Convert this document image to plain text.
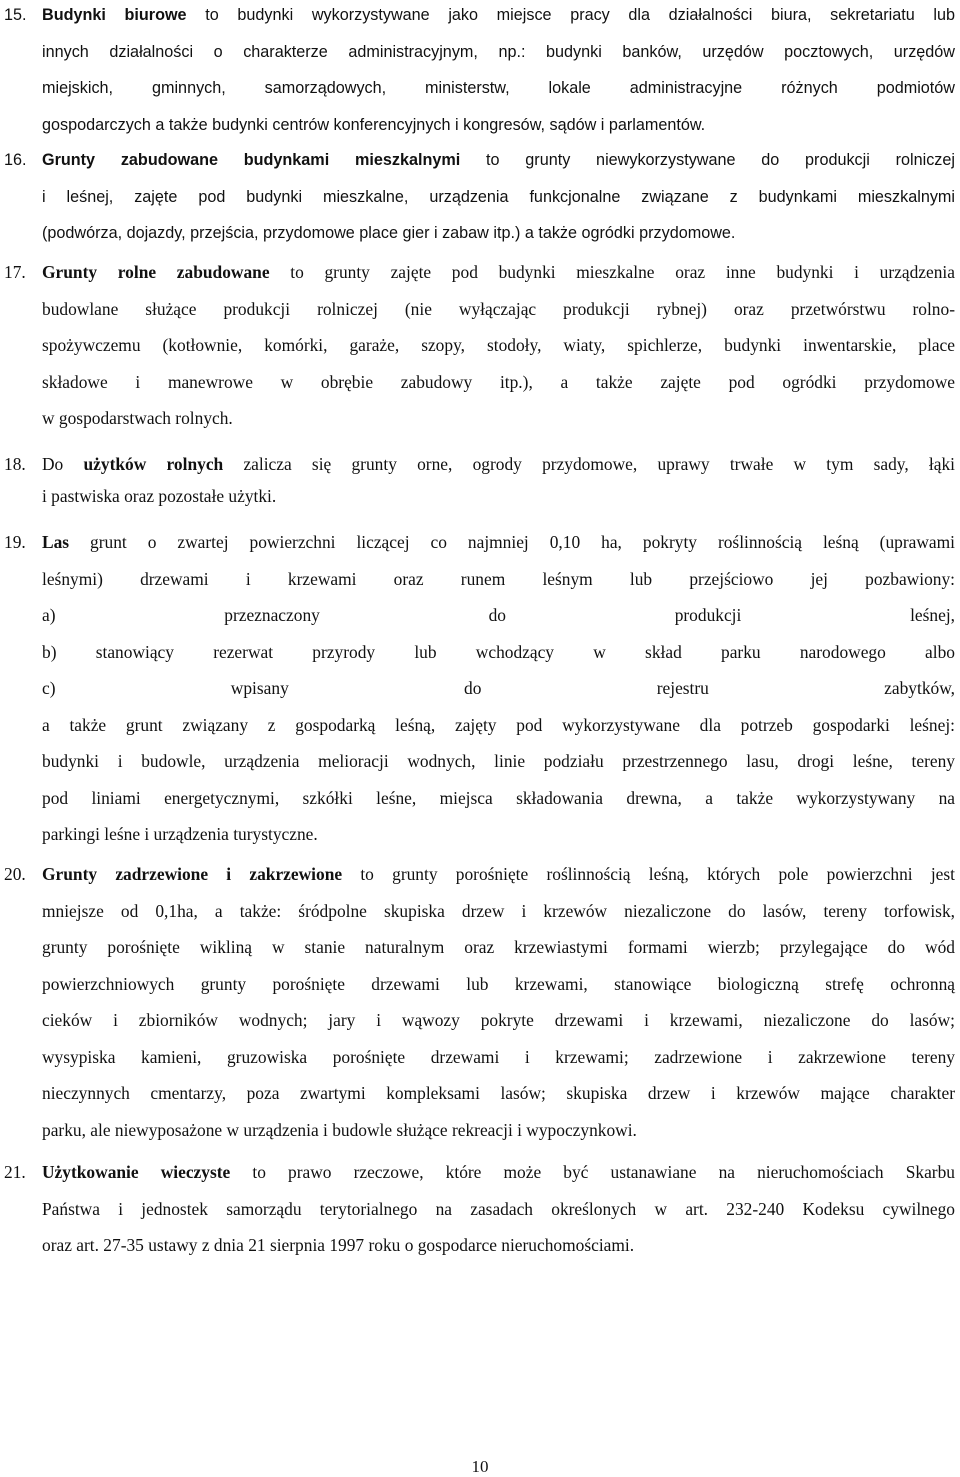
15. Budynki biurowe to budynki wykorzystywane jako miejsce pracy dla działalności biura, sekretariatu lub
innych działalności o charakterze administracyjnym, np.: budynki banków, urzędów pocztowych, urzędów
miejskich, gminnych, samorządowych, ministerstw, lokale administracyjne różnych podmiotów
gospodarczych a także budynki centrów konferencyjnych i kongresów, sądów i parlamentów.
16. Grunty zabudowane budynkami mieszkalnymi to grunty niewykorzystywane do produkcji rolniczej
i leśnej, zajęte pod budynki mieszkalne, urządzenia funkcjonalne związane z budynkami mieszkalnymi
(podwórza, dojazdy, przejścia, przydomowe place gier i zabaw itp.) a także ogródki przydomowe.
17. Grunty rolne zabudowane to grunty zajęte pod budynki mieszkalne oraz inne budynki i urządzenia
budowlane służące produkcji rolniczej (nie wyłączając produkcji rybnej) oraz przetwórstwu rolno-
spożywczemu (kotłownie, komórki, garaże, szopy, stodoły, wiaty, spichlerze, budynki inwentarskie, place
składowe i manewrowe w obrębie zabudowy itp.), a także zajęte pod ogródki przydomowe
w gospodarstwach rolnych.
18. Do użytków rolnych zalicza się grunty orne, ogrody przydomowe, uprawy trwałe w tym sady, łąki
i pastwiska oraz pozostałe użytki.
19. Las grunt o zwartej powierzchni liczącej co najmniej 0,10 ha, pokryty roślinnością leśną (uprawami
leśnymi) drzewami i krzewami oraz runem leśnym lub przejściowo jej pozbawiony:
a) przeznaczony do produkcji leśnej,
b) stanowiący rezerwat przyrody lub wchodzący w skład parku narodowego albo
c) wpisany do rejestru zabytków,
a także grunt związany z gospodarką leśną, zajęty pod wykorzystywane dla potrzeb gospodarki leśnej:
budynki i budowle, urządzenia melioracji wodnych, linie podziału przestrzennego lasu, drogi leśne, tereny
pod liniami energetycznymi, szkółki leśne, miejsca składowania drewna, a także wykorzystywany na
parkingi leśne i urządzenia turystyczne.
20. Grunty zadrzewione i zakrzewione to grunty porośnięte roślinnością leśną, których pole powierzchni jest
mniejsze od 0,1ha, a także: śródpolne skupiska drzew i krzewów niezaliczone do lasów, tereny torfowisk,
grunty porośnięte wikliną w stanie naturalnym oraz krzewiastymi formami wierzb; przylegające do wód
powierzchniowych grunty porośnięte drzewami lub krzewami, stanowiące biologiczną strefę ochronną
cieków i zbiorników wodnych; jary i wąwozy pokryte drzewami i krzewami, niezaliczone do lasów;
wysypiska kamieni, gruzowiska porośnięte drzewami i krzewami; zadrzewione i zakrzewione tereny
nieczynnych cmentarzy, poza zwartymi kompleksami lasów; skupiska drzew i krzewów mające charakter
parku, ale niewyposażone w urządzenia i budowle służące rekreacji i wypoczynkowi.
21. Użytkowanie wieczyste to prawo rzeczowe, które może być ustanawiane na nieruchomościach Skarbu
Państwa i jednostek samorządu terytorialnego na zasadach określonych w art. 232-240 Kodeksu cywilnego
oraz art. 27-35 ustawy z dnia 21 sierpnia 1997 roku o gospodarce nieruchomościami.
10
